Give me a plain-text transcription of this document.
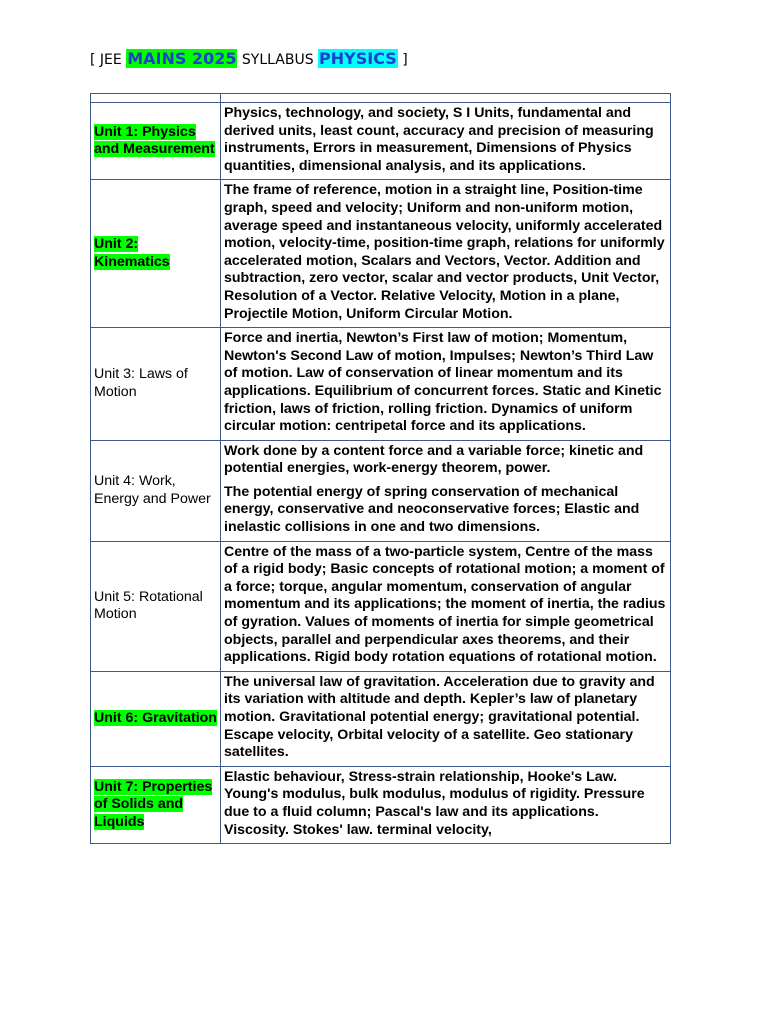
[ JEE MAINS 2025 SYLLABUS PHYSICS ]

Unit 1: Physics and Measurement	Physics, technology, and society, S I Units, fundamental and derived units, least count, accuracy and precision of measuring instruments, Errors in measurement, Dimensions of Physics quantities, dimensional analysis, and its applications.

Unit 2: Kinematics	The frame of reference, motion in a straight line, Position-time graph, speed and velocity; Uniform and non-uniform motion, average speed and instantaneous velocity, uniformly accelerated motion, velocity-time, position-time graph, relations for uniformly accelerated motion, Scalars and Vectors, Vector. Addition and subtraction, zero vector, scalar and vector products, Unit Vector, Resolution of a Vector. Relative Velocity, Motion in a plane, Projectile Motion, Uniform Circular Motion.

Unit 3: Laws of Motion	Force and inertia, Newton’s First law of motion; Momentum, Newton's Second Law of motion, Impulses; Newton’s Third Law of motion. Law of conservation of linear momentum and its applications. Equilibrium of concurrent forces. Static and Kinetic friction, laws of friction, rolling friction. Dynamics of uniform circular motion: centripetal force and its applications.

Unit 4: Work, Energy and Power	Work done by a content force and a variable force; kinetic and potential energies, work-energy theorem, power.

The potential energy of spring conservation of mechanical energy, conservative and neoconservative forces; Elastic and inelastic collisions in one and two dimensions.

Unit 5: Rotational Motion	Centre of the mass of a two-particle system, Centre of the mass of a rigid body; Basic concepts of rotational motion; a moment of a force; torque, angular momentum, conservation of angular momentum and its applications; the moment of inertia, the radius of gyration. Values of moments of inertia for simple geometrical objects, parallel and perpendicular axes theorems, and their applications. Rigid body rotation equations of rotational motion.

Unit 6: Gravitation	The universal law of gravitation. Acceleration due to gravity and its variation with altitude and depth. Kepler’s law of planetary motion. Gravitational potential energy; gravitational potential. Escape velocity, Orbital velocity of a satellite. Geo stationary satellites.

Unit 7: Properties of Solids and Liquids	Elastic behaviour, Stress-strain relationship, Hooke's Law. Young's modulus, bulk modulus, modulus of rigidity. Pressure due to a fluid column; Pascal's law and its applications. Viscosity. Stokes' law. terminal velocity,
